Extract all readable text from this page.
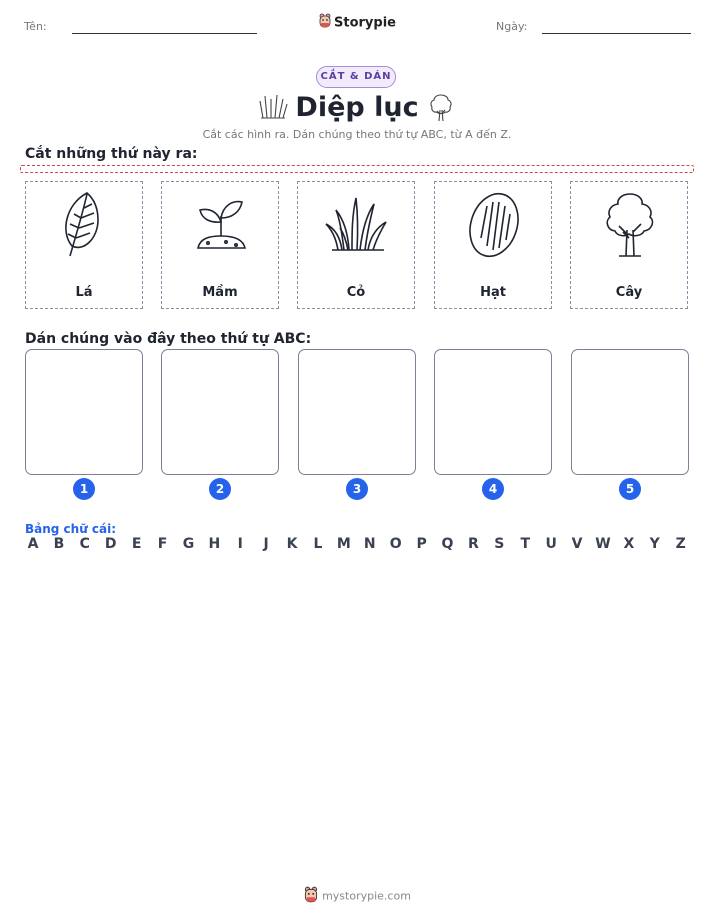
Tên:	Storypie	Ngày:
CẮT & DÁN
Diệp lục
Cắt các hình ra. Dán chúng theo thứ tự ABC, từ A đến Z.
Cắt những thứ này ra:
Lá	Mầm	Cỏ	Hạt	Cây
Dán chúng vào đây theo thứ tự ABC:
1	2	3	4	5
Bảng chữ cái:
A B C D E F G H	I	J	K L M N O P Q R S T U V W X Y Z
mystorypie.com
